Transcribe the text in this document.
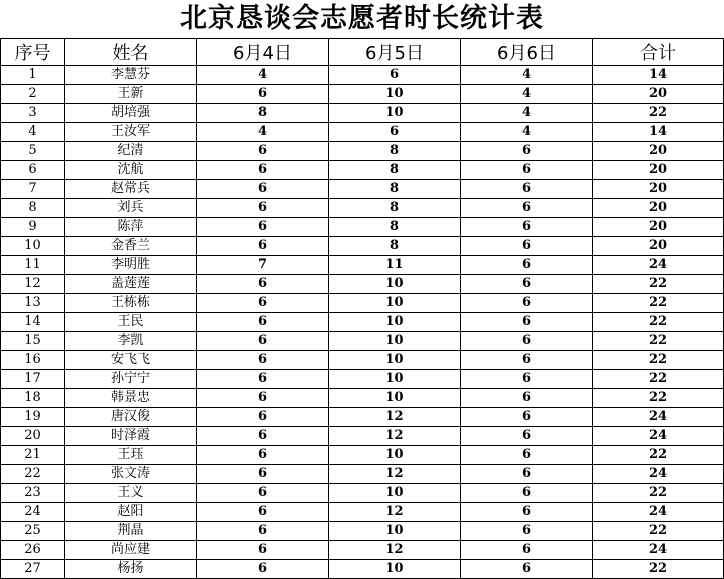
北京恳谈会志愿者时长统计表
序号	姓名	6月4日	6月5日	6月6日	合计
1	李慧芬	4	6	4	14
2	王新	6	10	4	20
3	胡培强	8	10	4	22
4	王汝军	4	6	4	14
5	纪清	6	8	6	20
6	沈航	6	8	6	20
7	赵常兵	6	8	6	20
8	刘兵	6	8	6	20
9	陈萍	6	8	6	20
10	金香兰	6	8	6	20
11	李明胜	7	11	6	24
12	盖莲莲	6	10	6	22
13	王栋栋	6	10	6	22
14	王民	6	10	6	22
15	李凯	6	10	6	22
16	安飞飞	6	10	6	22
17	孙宁宁	6	10	6	22
18	韩景忠	6	10	6	22
19	唐汉俊	6	12	6	24
20	时泽霞	6	12	6	24
21	王珏	6	10	6	22
22	张文涛	6	12	6	24
23	王义	6	10	6	22
24	赵阳	6	12	6	24
25	荆晶	6	10	6	22
26	尚应建	6	12	6	24
27	杨扬	6	10	6	22
